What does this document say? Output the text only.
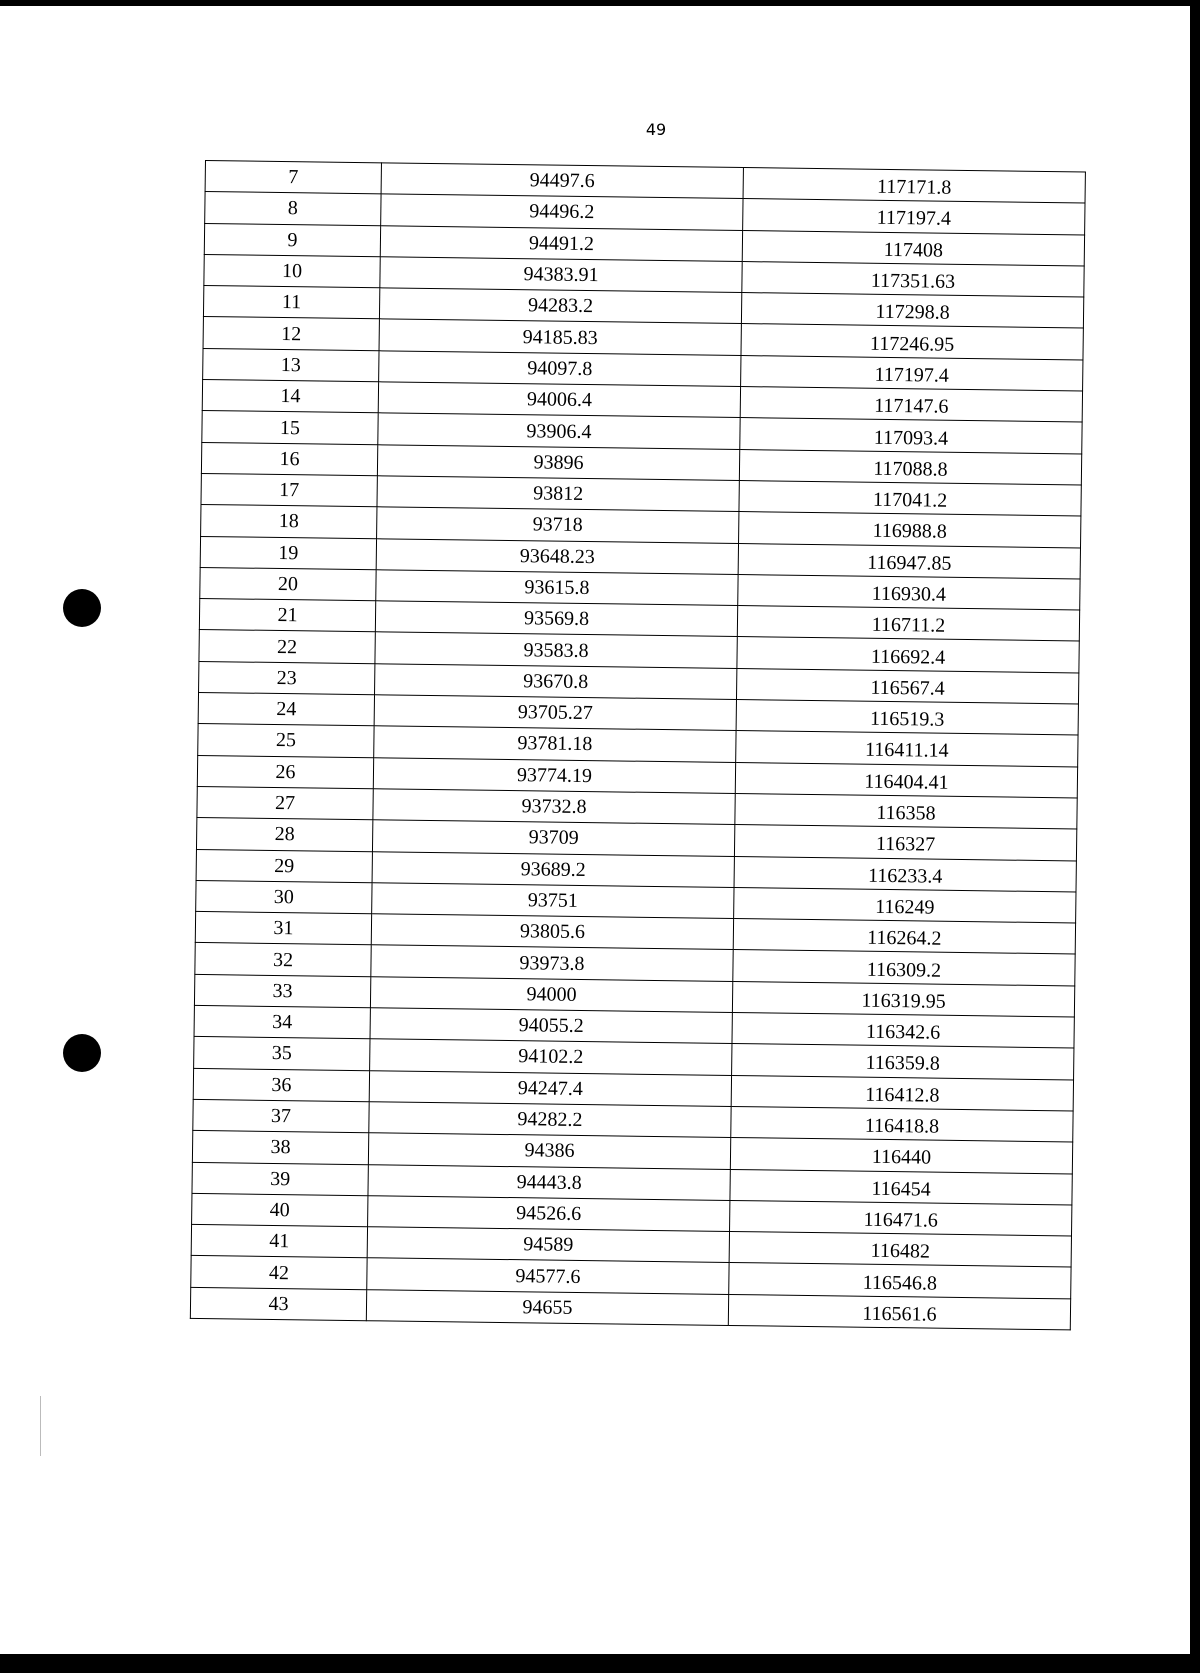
49
7	94497.6	117171.8
8	94496.2	117197.4
9	94491.2	117408
10	94383.91	117351.63
11	94283.2	117298.8
12	94185.83	117246.95
13	94097.8	117197.4
14	94006.4	117147.6
15	93906.4	117093.4
16	93896	117088.8
17	93812	117041.2
18	93718	116988.8
19	93648.23	116947.85
20	93615.8	116930.4
21	93569.8	116711.2
22	93583.8	116692.4
23	93670.8	116567.4
24	93705.27	116519.3
25	93781.18	116411.14
26	93774.19	116404.41
27	93732.8	116358
28	93709	116327
29	93689.2	116233.4
30	93751	116249
31	93805.6	116264.2
32	93973.8	116309.2
33	94000	116319.95
34	94055.2	116342.6
35	94102.2	116359.8
36	94247.4	116412.8
37	94282.2	116418.8
38	94386	116440
39	94443.8	116454
40	94526.6	116471.6
41	94589	116482
42	94577.6	116546.8
43	94655	116561.6
